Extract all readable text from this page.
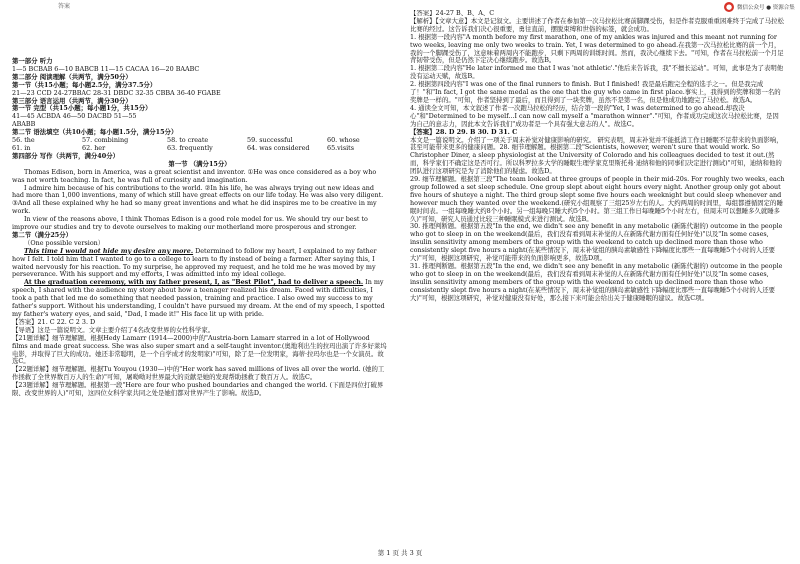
答案	● 微信公众号 ● 资源合集
第一部分 听力
1—5 BCBAB 6—10 BABCB 11—15 CACAA 16—20 BAABC
第二部分 阅读理解（共两节，满分50分）
第一节（共15小题；每小题2.5分，满分37.5分）
21—23 CCD 24-27BBAC 28-31 DBDC 32-35 CBBA 36-40 FGABE
第三部分 语言运用（共两节，满分30分）
第一节 完型（共15小题；每小题1分，共15分）
41—45 ACBDA 46—50 DACBD 51—55
ABABB
第二节 语法填空（共10小题；每小题1.5分，满分15分）
56. the	57. combining	58. to create	59. successful	60. whose
61. in	62. her	63. frequently	64. was considered	65.visits
第四部分 写作（共两节，满分40分）
第一节 （满分15分）
Thomas Edison, born in America, was a great scientist and inventor. ①He was once considered as a boy who was not worth teaching. In fact, he was full of curiosity and imagination.
I admire him because of his contributions to the world. ②In his life, he was always trying out new ideas and had more than 1,000 inventions, many of which still have great effects on our life today. He was also very diligent. ③And all these explained why he had so many great inventions and what he did inspires me to be creative in my work.
In view of the reasons above, I think Thomas Edison is a good role model for us. We should try our best to improve our studies and try to devote ourselves to making our motherland more prosperous and stronger.
第二节（满分25分）
（One possible version）
This time I would not hide my desire any more. Determined to follow my heart, I explained to my father how I felt. I told him that I wanted to go to a college to learn to fly instead of being a farmer. After saying this, I waited nervously for his reaction. To my surprise, he approved my request, and he told me he was moved by my perseverance. With his support and my efforts, I was admitted into my ideal college.
At the graduation ceremony, with my father present, I, as "Best Pilot", had to deliver a speech. In my speech, I shared with the audience my story about how a teenager realized his dream. Faced with difficulties, I took a path that led me do something that needed passion, training and practice. I also owed my success to my father's support. Without his understanding, I couldn't have pursued my dream. At the end of my speech, I spotted my father's watery eyes, and said, "Dad, I made it!" His face lit up with pride.
【答案】21. C 22. C 2 3. D
【导语】这是一篇说明文。文章主要介绍了4名改变世界的女性科学家。
【21题详解】细节理解题。根据Hedy Lamarr (1914—2000)中的"Austria-born Lamarr starred in a lot of Hollywood films and made great success. She was also super smart and a self-taught inventor.(奥地利出生的拉玛出演了许多好莱坞电影，并取得了巨大的成功。她还非常聪明，是一个自学成才的发明家)"可知，除了是一位发明家，海蒂·拉玛尔也是一个女演员。故选C。
【22题详解】细节理解题。根据Tu Youyou (1930—)中的"Her work has saved millions of lives all over the world. (她的工作拯救了全世界数百万人的生命)"可知，屠呦呦对世界最大的贡献是她的发现帮助拯救了数百万人。故选C。
【23题详解】细节理解题。根据第一段"Here are four who pushed boundaries and changed the world. (下面是四位打破界限、改变世界的人)"可知，这四位女科学家共同之处是她们都对世界产生了影响。故选D。
【答案】24-27 B、B、A、C
【解析】【文章大意】本文是记叙文。主要讲述了作者在参加第一次马拉松比赛前脚踝受伤，但是作者克服重重困难终于完成了马拉松比赛的经过。这告诉我们决心很重要，勇往直前，摆脱束缚和世俗的标签，就会成功。
1. 根据第一段内容"A month before my first marathon, one of my ankles was injured and this meant not running for two weeks, leaving me only two weeks to train. Yet, I was determined to go ahead.在我第一次马拉松比赛的前一个月，我的一个脚踝受伤了，这意味着两周内不能跑步，只剩下两周的训练时间。然而，我决心继续下去。"可知，作者在马拉松前一个月足背韧带受伤，但是仍然下定决心继续跑步。故选B。
1. 根据第二段内容"He later informed me that I was 'not athletic'."他后来告诉我，我"不擅长运动"。可知，此事是为了表明他没有运动天赋，故选B。
2. 根据第四段内容"I was one of the final runners to finish. But I finished! 我是最后跑完全程的选手之一。但是我完成了！"和"In fact, I got the same medal as the one that the guy who came in first place.事实上，我得到的奖牌和第一名的奖牌是一样的。"可知，作者坚持到了最后，而且得到了一块奖牌，虽然不是第一名，但是他成功地跑完了马拉松。故选A。
4. 通读全文可知，本文叙述了作者一次跑马拉松的经历，结合第一段的"Yet, I was determined to go ahead.却我决心"和"Determined to be myself...I can now call myself a "marathon winner"."可知，作者成功完成这次马拉松比赛，是因为自己的意志力，因此本文告诉我们"成功者是一个具有强大意志的人"。故选C。
【答案】28. D 29. B 30. D 31. C
本文是一篇说明文。介绍了一项关于周末补觉对健康影响的研究。 研究表明，周末补觉并不能抵消工作日睡眠不足带来的负面影响，甚至可能带来更多的健康问题。28. 细节理解题。根据第二段"Scientists, however, weren't sure that would work. So Christopher Diner, a sleep physiologist at the University of Colorado and his colleagues decided to test it out.(然而，科学家们不确定这是否可行。所以科罗拉多大学的睡眠生理学家克里斯托弗·迪纳和他的同事们决定进行测试)"可知，迪纳和他的团队进行这项研究是为了消除他们的疑虑。故选D。
29. 细节理解题。根据第三段"The team looked at three groups of people in their mid-20s. For roughly two weeks, each group followed a set sleep schedule. One group slept about eight hours every night. Another group only got about five hours of shuteye a night. The third group slept some five hours each weeknight but could sleep whenever and however much they wanted over the weekend.(研究小组观察了三组25岁左右的人。大约两周的时间里，每组都遵循固定的睡眠时间表。一组每晚睡大约8个小时。另一组每晚只睡大约5个小时。第三组工作日每晚睡5个小时左右，但周末可以想睡多久就睡多久)"可知，研究人员通过比较三种睡眠模式来进行测试。故选B。
30. 推理判断题。根据第五段"In the end, we didn't see any benefit in any metabolic (新陈代谢的) outcome in the people who got to sleep in on the weekend(最后，我们没有看到周末补觉的人在新陈代谢方面有任何好处)"以及"In some cases, insulin sensitivity among members of the group with the weekend to catch up declined more than those who consistently slept five hours a night(在某些情况下，周末补觉组的胰岛素敏感性下降幅度比那些一直每晚睡5个小时的人还要大)"可知，根据这项研究，补觉可能带来的负面影响更多，故选D项。
31. 推理判断题。根据第五段"In the end, we didn't see any benefit in any metabolic (新陈代谢的) outcome in the people who got to sleep in on the weekend(最后，我们没有看到周末补觉的人在新陈代谢方面有任何好处)"以及"In some cases, insulin sensitivity among members of the group with the weekend to catch up declined more than those who consistently slept five hours a night(在某些情况下，周末补觉组的胰岛素敏感性下降幅度比那些一直每晚睡5个小时的人还要大)"可知，根据这项研究，补觉对健康没有好处，那么接下来可能会给出关于健康睡眠的建议。故选C项。
第 1 页 共 3 页
